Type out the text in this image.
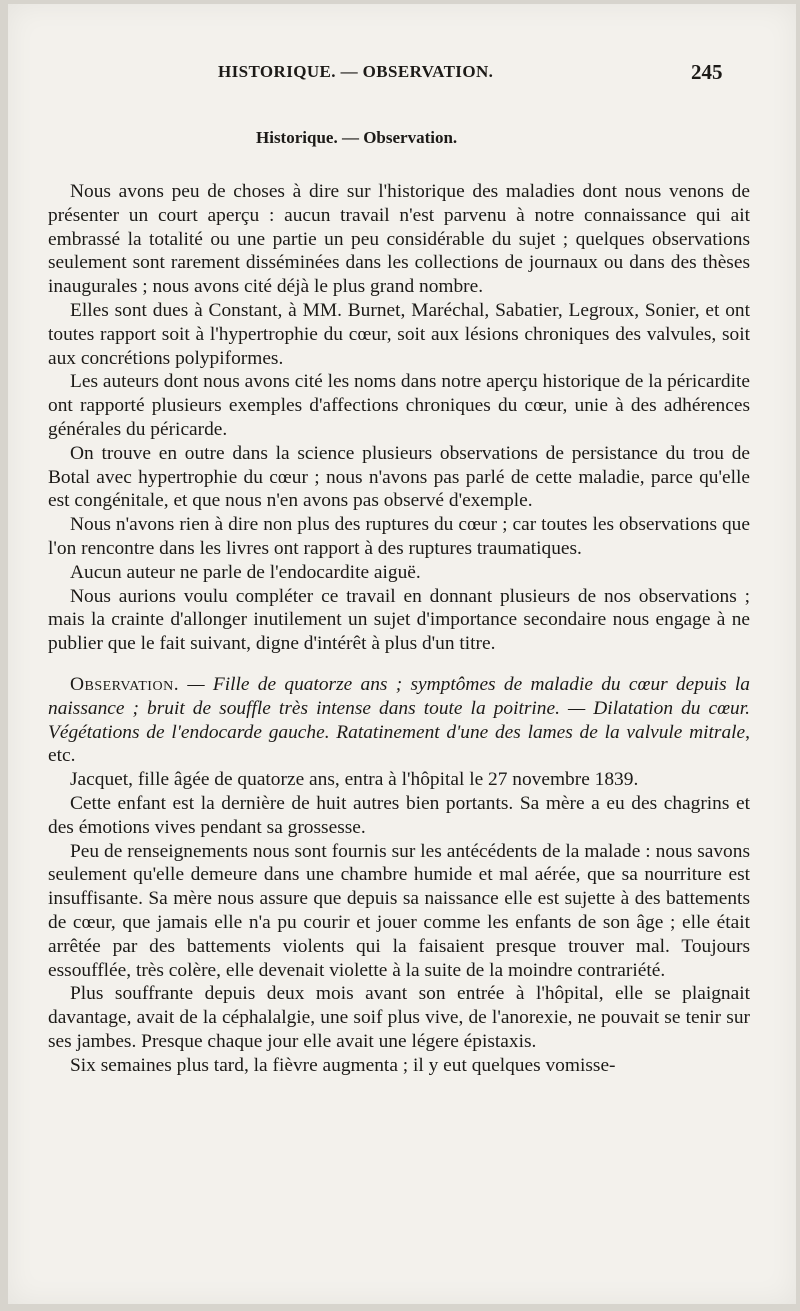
HISTORIQUE. — OBSERVATION.	245
Historique. — Observation.

Nous avons peu de choses à dire sur l'historique des maladies dont nous venons de présenter un court aperçu : aucun travail n'est parvenu à notre connaissance qui ait embrassé la totalité ou une partie un peu considérable du sujet ; quelques observations seulement sont rarement disséminées dans les collections de journaux ou dans des thèses inaugurales ; nous avons cité déjà le plus grand nombre.

Elles sont dues à Constant, à MM. Burnet, Maréchal, Sabatier, Legroux, Sonier, et ont toutes rapport soit à l'hypertrophie du cœur, soit aux lésions chroniques des valvules, soit aux concrétions polypiformes.

Les auteurs dont nous avons cité les noms dans notre aperçu historique de la péricardite ont rapporté plusieurs exemples d'affections chroniques du cœur, unie à des adhérences générales du péricarde.

On trouve en outre dans la science plusieurs observations de persistance du trou de Botal avec hypertrophie du cœur ; nous n'avons pas parlé de cette maladie, parce qu'elle est congénitale, et que nous n'en avons pas observé d'exemple.

Nous n'avons rien à dire non plus des ruptures du cœur ; car toutes les observations que l'on rencontre dans les livres ont rapport à des ruptures traumatiques.

Aucun auteur ne parle de l'endocardite aiguë.

Nous aurions voulu compléter ce travail en donnant plusieurs de nos observations ; mais la crainte d'allonger inutilement un sujet d'importance secondaire nous engage à ne publier que le fait suivant, digne d'intérêt à plus d'un titre.

Observation. — Fille de quatorze ans ; symptômes de maladie du cœur depuis la naissance ; bruit de souffle très intense dans toute la poitrine. — Dilatation du cœur. Végétations de l'endocarde gauche. Ratatinement d'une des lames de la valvule mitrale, etc.

Jacquet, fille âgée de quatorze ans, entra à l'hôpital le 27 novembre 1839.

Cette enfant est la dernière de huit autres bien portants. Sa mère a eu des chagrins et des émotions vives pendant sa grossesse.

Peu de renseignements nous sont fournis sur les antécédents de la malade : nous savons seulement qu'elle demeure dans une chambre humide et mal aérée, que sa nourriture est insuffisante. Sa mère nous assure que depuis sa naissance elle est sujette à des battements de cœur, que jamais elle n'a pu courir et jouer comme les enfants de son âge ; elle était arrêtée par des battements violents qui la faisaient presque trouver mal. Toujours essoufflée, très colère, elle devenait violette à la suite de la moindre contrariété.

Plus souffrante depuis deux mois avant son entrée à l'hôpital, elle se plaignait davantage, avait de la céphalalgie, une soif plus vive, de l'anorexie, ne pouvait se tenir sur ses jambes. Presque chaque jour elle avait une légere épistaxis.

Six semaines plus tard, la fièvre augmenta ; il y eut quelques vomisse-
